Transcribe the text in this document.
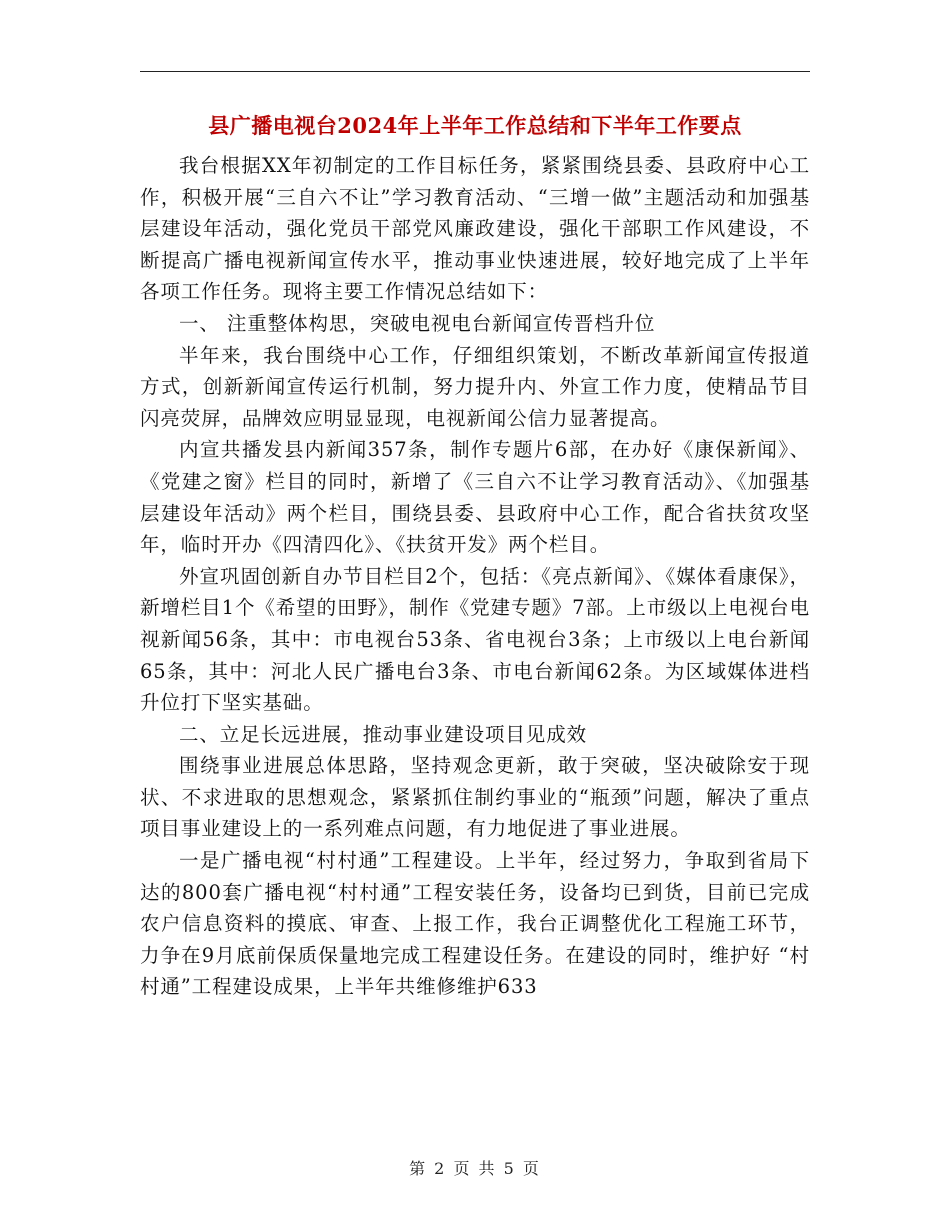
县广播电视台2024年上半年工作总结和下半年工作要点

我台根据XX年初制定的工作目标任务，紧紧围绕县委、县政府中心工作，积极开展“三自六不让”学习教育活动、“三增一做”主题活动和加强基层建设年活动，强化党员干部党风廉政建设，强化干部职工作风建设，不断提高广播电视新闻宣传水平，推动事业快速进展，较好地完成了上半年各项工作任务。现将主要工作情况总结如下：

一、 注重整体构思，突破电视电台新闻宣传晋档升位

半年来，我台围绕中心工作，仔细组织策划，不断改革新闻宣传报道方式，创新新闻宣传运行机制，努力提升内、外宣工作力度，使精品节目闪亮荧屏，品牌效应明显显现，电视新闻公信力显著提高。

内宣共播发县内新闻357条，制作专题片6部，在办好《康保新闻》、《党建之窗》栏目的同时，新增了《三自六不让学习教育活动》、《加强基层建设年活动》两个栏目，围绕县委、县政府中心工作，配合省扶贫攻坚年，临时开办《四清四化》、《扶贫开发》两个栏目。

外宣巩固创新自办节目栏目2个，包括：《亮点新闻》、《媒体看康保》，新增栏目1个《希望的田野》，制作《党建专题》7部。上市级以上电视台电视新闻56条，其中：市电视台53条、省电视台3条；上市级以上电台新闻65条，其中：河北人民广播电台3条、市电台新闻62条。为区域媒体进档升位打下坚实基础。

二、立足长远进展，推动事业建设项目见成效

围绕事业进展总体思路，坚持观念更新，敢于突破，坚决破除安于现状、不求进取的思想观念，紧紧抓住制约事业的“瓶颈”问题，解决了重点项目事业建设上的一系列难点问题，有力地促进了事业进展。

一是广播电视“村村通”工程建设。上半年，经过努力，争取到省局下达的800套广播电视“村村通”工程安装任务，设备均已到货，目前已完成农户信息资料的摸底、审查、上报工作，我台正调整优化工程施工环节，力争在9月底前保质保量地完成工程建设任务。在建设的同时，维护好 “村村通”工程建设成果，上半年共维修维护633

第 2 页 共 5 页
